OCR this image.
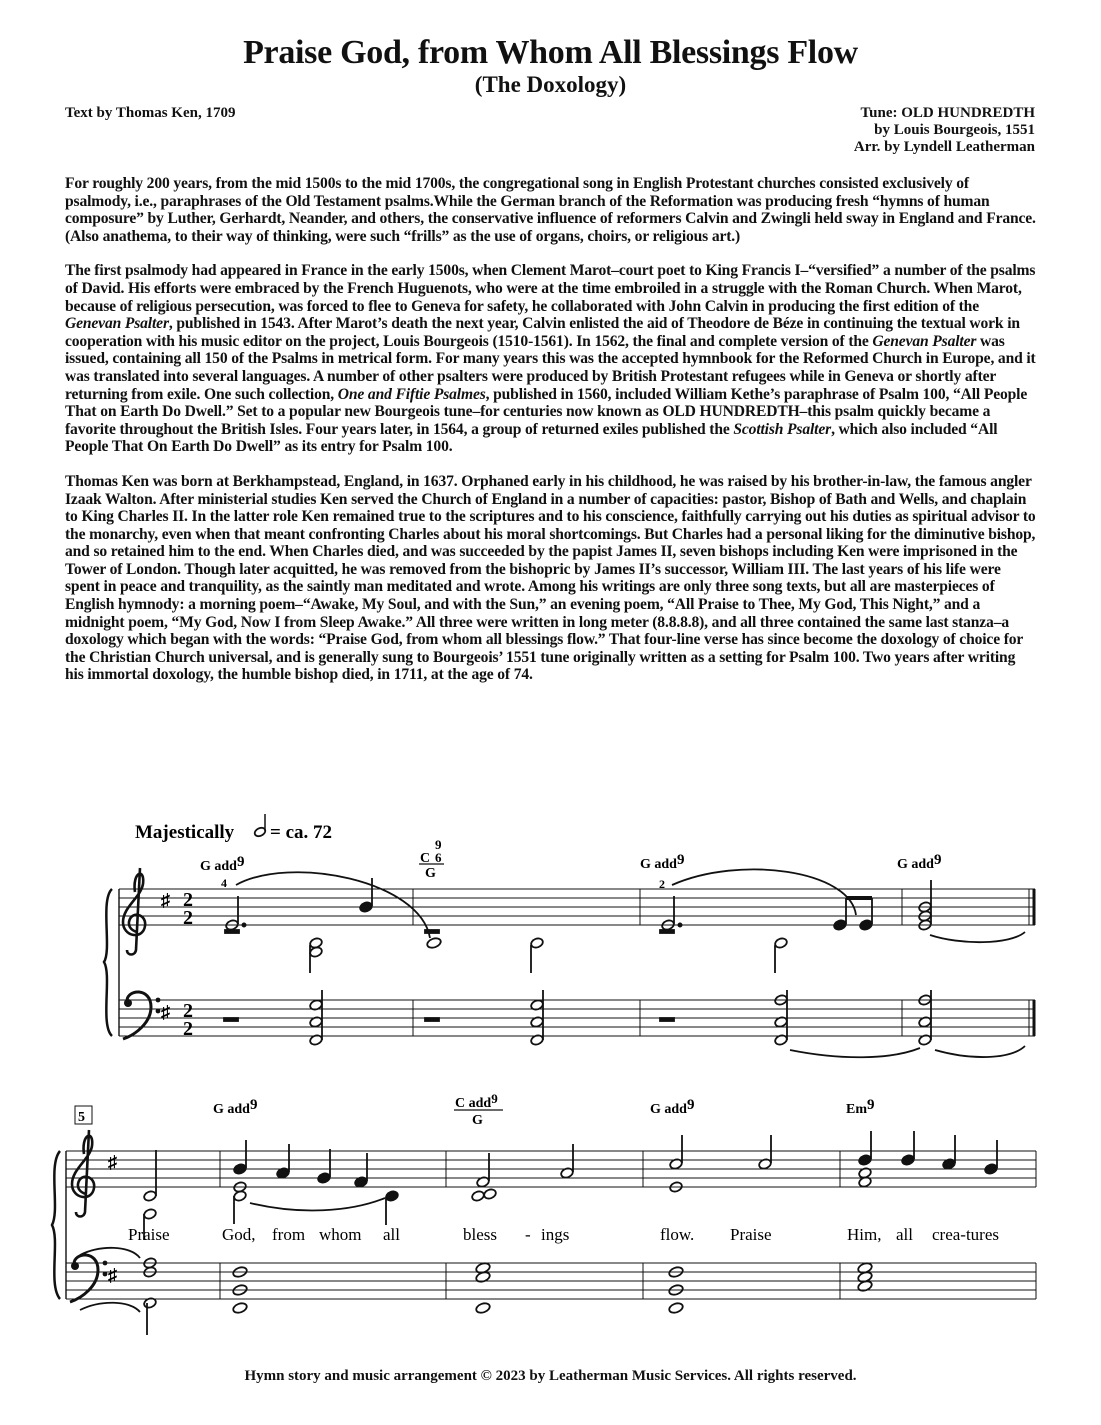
Praise God, from Whom All Blessings Flow
(The Doxology)
Text by Thomas Ken, 1709	Tune: OLD HUNDREDTH
by Louis Bourgeois, 1551
Arr. by Lyndell Leatherman

For roughly 200 years, from the mid 1500s to the mid 1700s, the congregational song in English Protestant churches consisted exclusively of psalmody, i.e., paraphrases of the Old Testament psalms.While the German branch of the Reformation was producing fresh “hymns of human composure” by Luther, Gerhardt, Neander, and others, the conservative influence of reformers Calvin and Zwingli held sway in England and France. (Also anathema, to their way of thinking, were such “frills” as the use of organs, choirs, or religious art.)

The first psalmody had appeared in France in the early 1500s, when Clement Marot–court poet to King Francis I–“versified” a number of the psalms of David. His efforts were embraced by the French Huguenots, who were at the time embroiled in a struggle with the Roman Church. When Marot, because of religious persecution, was forced to flee to Geneva for safety, he collaborated with John Calvin in producing the first edition of the Genevan Psalter, published in 1543. After Marot’s death the next year, Calvin enlisted the aid of Theodore de Béze in continuing the textual work in cooperation with his music editor on the project, Louis Bourgeois (1510-1561). In 1562, the final and complete version of the Genevan Psalter was issued, containing all 150 of the Psalms in metrical form. For many years this was the accepted hymnbook for the Reformed Church in Europe, and it was translated into several languages. A number of other psalters were produced by British Protestant refugees while in Geneva or shortly after returning from exile. One such collection, One and Fiftie Psalmes, published in 1560, included William Kethe’s paraphrase of Psalm 100, “All People That on Earth Do Dwell.” Set to a popular new Bourgeois tune–for centuries now known as OLD HUNDREDTH–this psalm quickly became a favorite throughout the British Isles. Four years later, in 1564, a group of returned exiles published the Scottish Psalter, which also included “All People That On Earth Do Dwell” as its entry for Psalm 100.

Thomas Ken was born at Berkhampstead, England, in 1637. Orphaned early in his childhood, he was raised by his brother-in-law, the famous angler Izaak Walton. After ministerial studies Ken served the Church of England in a number of capacities: pastor, Bishop of Bath and Wells, and chaplain to King Charles II. In the latter role Ken remained true to the scriptures and to his conscience, faithfully carrying out his duties as spiritual advisor to the monarchy, even when that meant confronting Charles about his moral shortcomings. But Charles had a personal liking for the diminutive bishop, and so retained him to the end. When Charles died, and was succeeded by the papist James II, seven bishops including Ken were imprisoned in the Tower of London. Though later acquitted, he was removed from the bishopric by James II’s successor, William III. The last years of his life were spent in peace and tranquility, as the saintly man meditated and wrote. Among his writings are only three song texts, but all are masterpieces of English hymnody: a morning poem–“Awake, My Soul, and with the Sun,” an evening poem, “All Praise to Thee, My God, This Night,” and a midnight poem, “My God, Now I from Sleep Awake.” All three were written in long meter (8.8.8.8), and all three contained the same last stanza–a doxology which began with the words: “Praise God, from whom all blessings flow.” That four-line verse has since become the doxology of choice for the Christian Church universal, and is generally sung to Bourgeois’ 1551 tune originally written as a setting for Psalm 100. Two years after writing his immortal doxology, the humble bishop died, in 1711, at the age of 74.

Majestically = ca. 72
G add9
9
C 6
G
G add9	G add9
4	2
♯
♯
2
2
2
2
5
G add9	C add9
G
G add9	Em9
♯
♯
Praise	God, from whom all	bless - ings	flow. Praise	Him, all crea-tures
Hymn story and music arrangement © 2023 by Leatherman Music Services. All rights reserved.
